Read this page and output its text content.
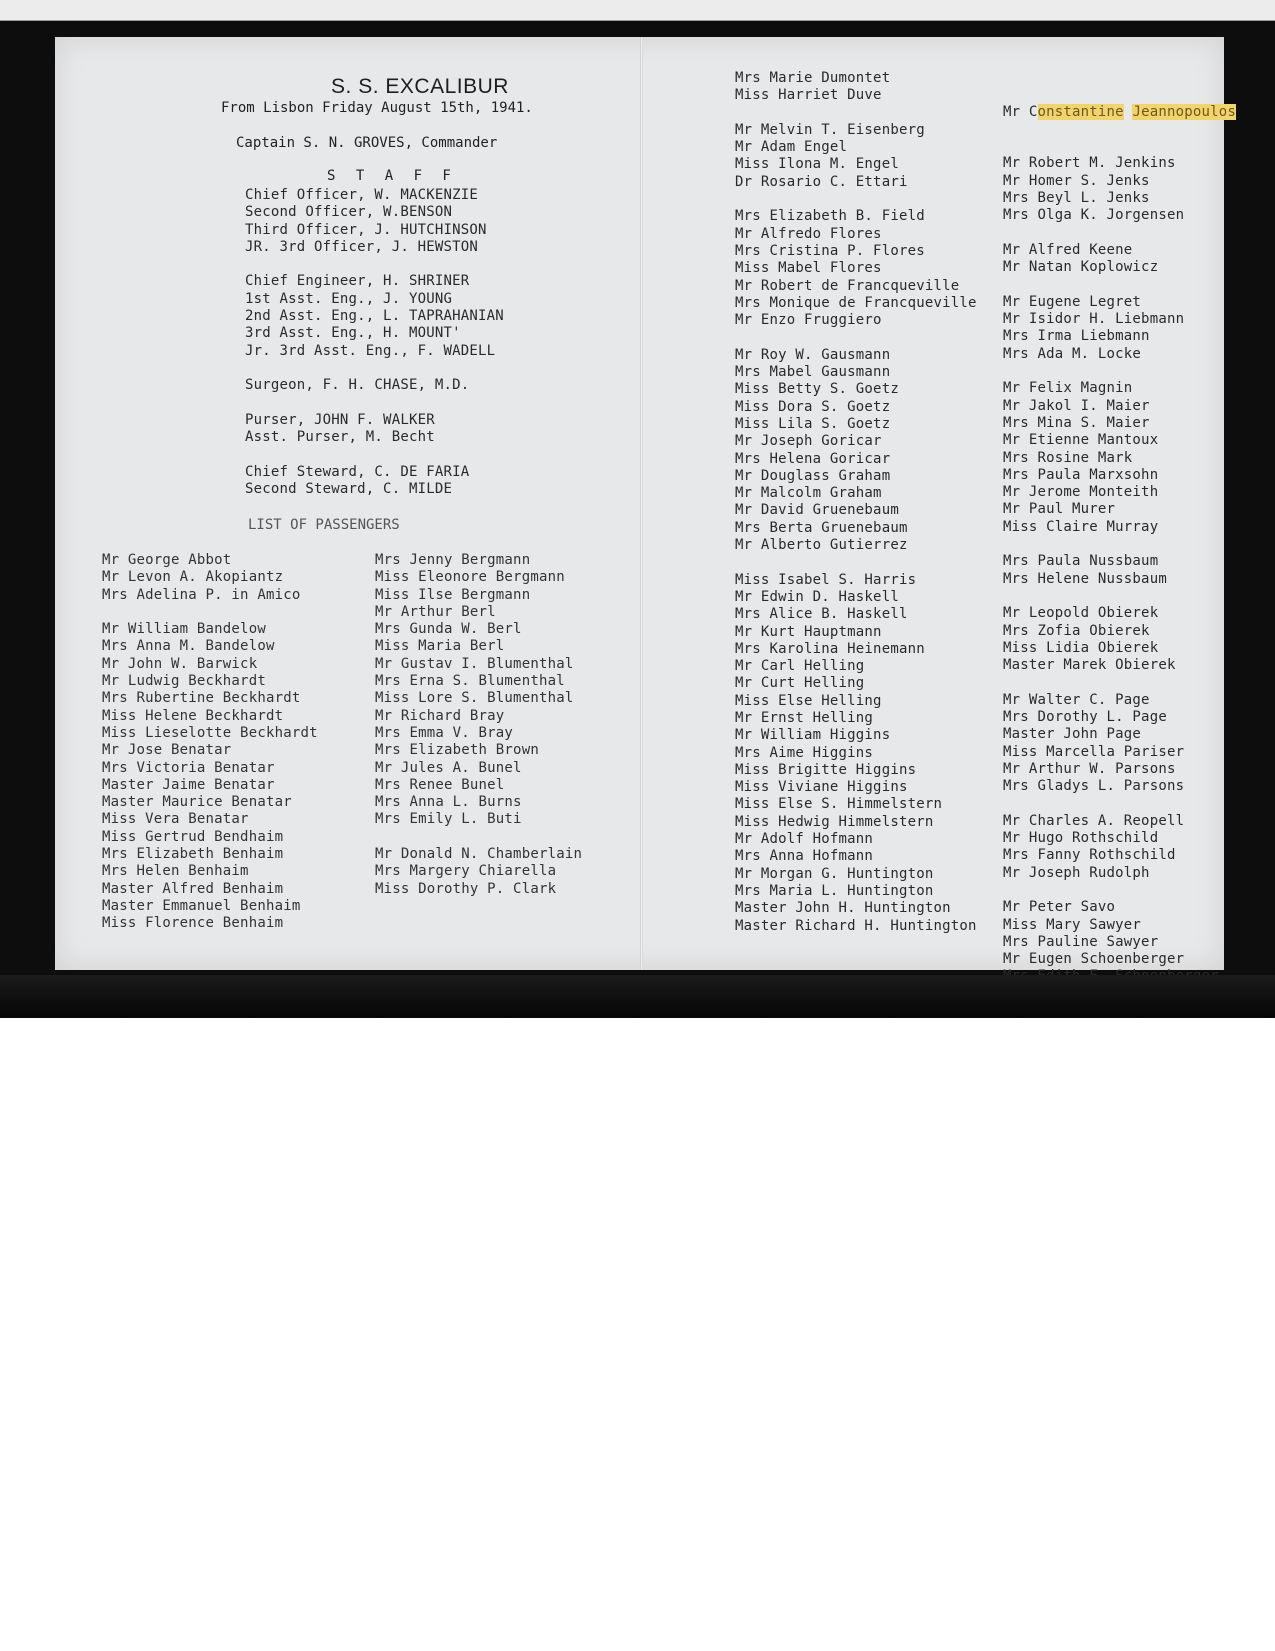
S. S. EXCALIBUR
From Lisbon Friday August 15th, 1941.
Captain S. N. GROVES, Commander
S T A F F
Chief Officer, W. MACKENZIE
Second Officer, W.BENSON
Third Officer, J. HUTCHINSON
JR. 3rd Officer, J. HEWSTON
Chief Engineer, H. SHRINER
1st Asst. Eng., J. YOUNG
2nd Asst. Eng., L. TAPRAHANIAN
3rd Asst. Eng., H. MOUNT'
Jr. 3rd Asst. Eng., F. WADELL
Surgeon, F. H. CHASE, M.D.
Purser, JOHN F. WALKER
Asst. Purser, M. Becht
Chief Steward, C. DE FARIA
Second Steward, C. MILDE
LIST OF PASSENGERS
Mr George Abbot
Mr Levon A. Akopiantz
Mrs Adelina P. in Amico
Mr William Bandelow
Mrs Anna M. Bandelow
Mr John W. Barwick
Mr Ludwig Beckhardt
Mrs Rubertine Beckhardt
Miss Helene Beckhardt
Miss Lieselotte Beckhardt
Mr Jose Benatar
Mrs Victoria Benatar
Master Jaime Benatar
Master Maurice Benatar
Miss Vera Benatar
Miss Gertrud Bendhaim
Mrs Elizabeth Benhaim
Mrs Helen Benhaim
Master Alfred Benhaim
Master Emmanuel Benhaim
Miss Florence Benhaim
Mrs Jenny Bergmann
Miss Eleonore Bergmann
Miss Ilse Bergmann
Mr Arthur Berl
Mrs Gunda W. Berl
Miss Maria Berl
Mr Gustav I. Blumenthal
Mrs Erna S. Blumenthal
Miss Lore S. Blumenthal
Mr Richard Bray
Mrs Emma V. Bray
Mrs Elizabeth Brown
Mr Jules A. Bunel
Mrs Renee Bunel
Mrs Anna L. Burns
Mrs Emily L. Buti
Mr Donald N. Chamberlain
Mrs Margery Chiarella
Miss Dorothy P. Clark
Mrs Marie Dumontet
Miss Harriet Duve
Mr Melvin T. Eisenberg
Mr Adam Engel
Miss Ilona M. Engel
Dr Rosario C. Ettari
Mrs Elizabeth B. Field
Mr Alfredo Flores
Mrs Cristina P. Flores
Miss Mabel Flores
Mr Robert de Francqueville
Mrs Monique de Francqueville
Mr Enzo Fruggiero
Mr Roy W. Gausmann
Mrs Mabel Gausmann
Miss Betty S. Goetz
Miss Dora S. Goetz
Miss Lila S. Goetz
Mr Joseph Goricar
Mrs Helena Goricar
Mr Douglass Graham
Mr Malcolm Graham
Mr David Gruenebaum
Mrs Berta Gruenebaum
Mr Alberto Gutierrez
Miss Isabel S. Harris
Mr Edwin D. Haskell
Mrs Alice B. Haskell
Mr Kurt Hauptmann
Mrs Karolina Heinemann
Mr Carl Helling
Mr Curt Helling
Miss Else Helling
Mr Ernst Helling
Mr William Higgins
Mrs Aime Higgins
Miss Brigitte Higgins
Miss Viviane Higgins
Miss Else S. Himmelstern
Miss Hedwig Himmelstern
Mr Adolf Hofmann
Mrs Anna Hofmann
Mr Morgan G. Huntington
Mrs Maria L. Huntington
Master John H. Huntington
Master Richard H. Huntington

Mr Constantine Jeannopoulos

Mr Robert M. Jenkins
Mr Homer S. Jenks
Mrs Beyl L. Jenks
Mrs Olga K. Jorgensen
Mr Alfred Keene
Mr Natan Koplowicz
Mr Eugene Legret
Mr Isidor H. Liebmann
Mrs Irma Liebmann
Mrs Ada M. Locke
Mr Felix Magnin
Mr Jakol I. Maier
Mrs Mina S. Maier
Mr Etienne Mantoux
Mrs Rosine Mark
Mrs Paula Marxsohn
Mr Jerome Monteith
Mr Paul Murer
Miss Claire Murray
Mrs Paula Nussbaum
Mrs Helene Nussbaum
Mr Leopold Obierek
Mrs Zofia Obierek
Miss Lidia Obierek
Master Marek Obierek
Mr Walter C. Page
Mrs Dorothy L. Page
Master John Page
Miss Marcella Pariser
Mr Arthur W. Parsons
Mrs Gladys L. Parsons
Mr Charles A. Reopell
Mr Hugo Rothschild
Mrs Fanny Rothschild
Mr Joseph Rudolph
Mr Peter Savo
Miss Mary Sawyer
Mrs Pauline Sawyer
Mr Eugen Schoenberger
